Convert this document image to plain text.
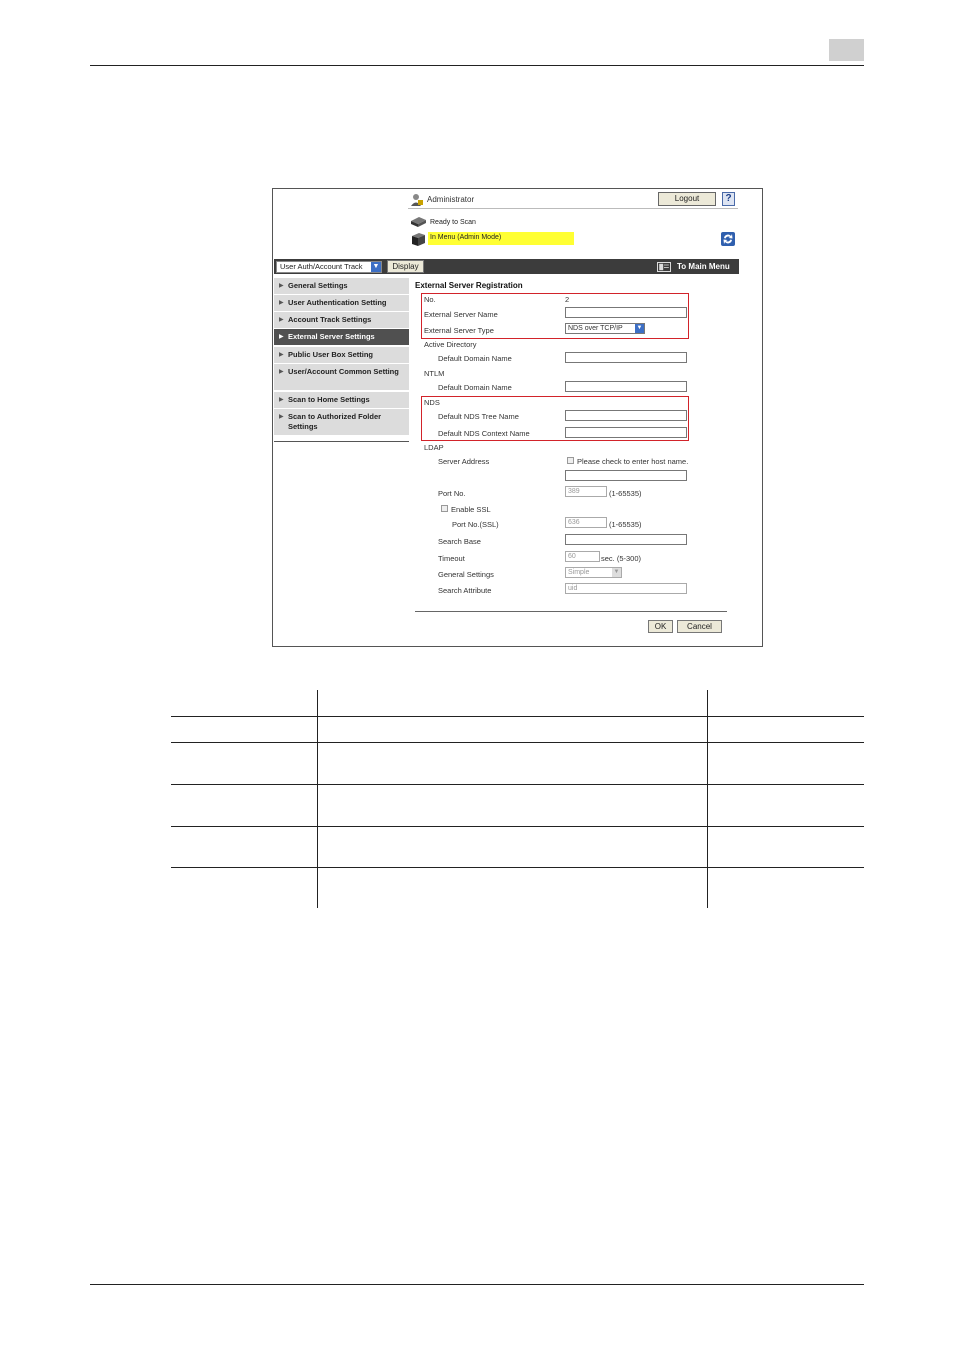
Administrator	Logout	?
Ready to Scan
In Menu (Admin Mode)
User Auth/Account Track ▼	Display	To Main Menu
▶ General Settings
▶ User Authentication Setting
▶ Account Track Settings
▶ External Server Settings
▶ Public User Box Setting
▶ User/Account Common Setting
▶ Scan to Home Settings
▶ Scan to Authorized Folder Settings
External Server Registration
No.	2
External Server Name
External Server Type	NDS over TCP/IP ▼
Active Directory
Default Domain Name
NTLM
Default Domain Name
NDS
Default NDS Tree Name
Default NDS Context Name
LDAP
Server Address	Please check to enter host name.
Port No.	389	(1-65535)
Enable SSL
Port No.(SSL)	636	(1-65535)
Search Base
Timeout	60	sec. (5-300)
General Settings	Simple	▼
Search Attribute	uid
OK	Cancel
